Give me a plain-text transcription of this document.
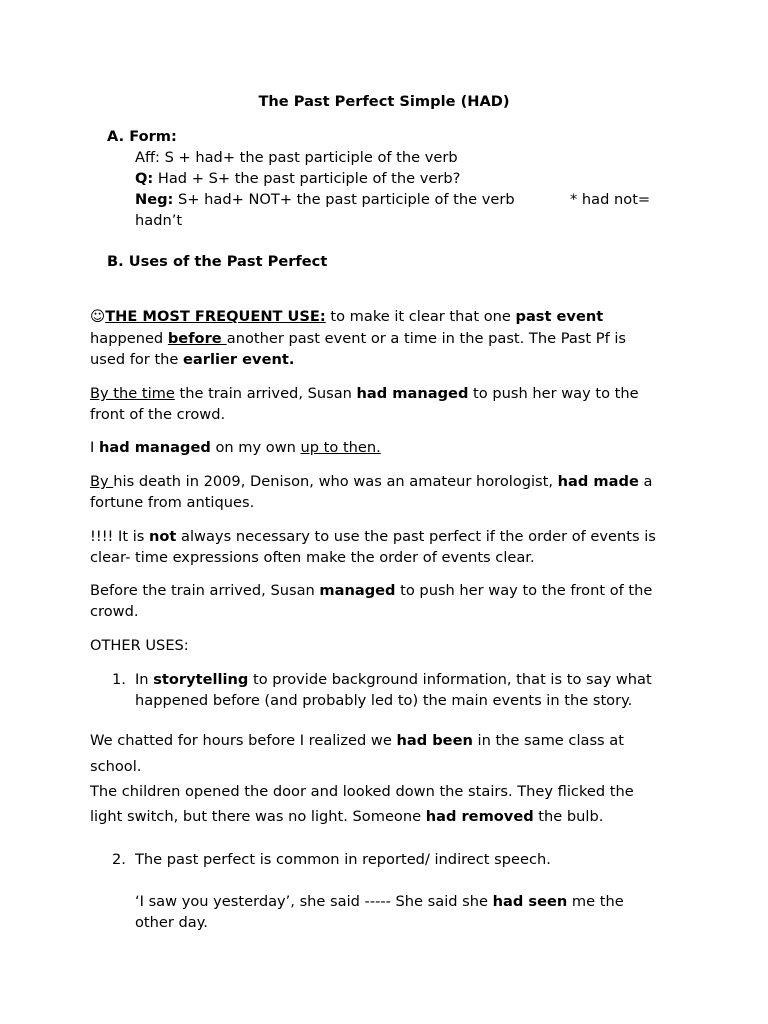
The Past Perfect Simple (HAD)
A. Form:
Aff: S + had+ the past participle of the verb
Q: Had + S+ the past participle of the verb?
Neg: S+ had+ NOT+ the past participle of the verb	* had not=
hadn’t
B. Uses of the Past Perfect
☺THE MOST FREQUENT USE: to make it clear that one past event
happened before another past event or a time in the past. The Past Pf is
used for the earlier event.
By the time the train arrived, Susan had managed to push her way to the
front of the crowd.
I had managed on my own up to then.
By his death in 2009, Denison, who was an amateur horologist, had made a
fortune from antiques.
!!!! It is not always necessary to use the past perfect if the order of events is
clear- time expressions often make the order of events clear.
Before the train arrived, Susan managed to push her way to the front of the
crowd.
OTHER USES:
1. In storytelling to provide background information, that is to say what
happened before (and probably led to) the main events in the story.
We chatted for hours before I realized we had been in the same class at
school.
The children opened the door and looked down the stairs. They flicked the
light switch, but there was no light. Someone had removed the bulb.
2. The past perfect is common in reported/ indirect speech.
‘I saw you yesterday’, she said ----- She said she had seen me the
other day.
